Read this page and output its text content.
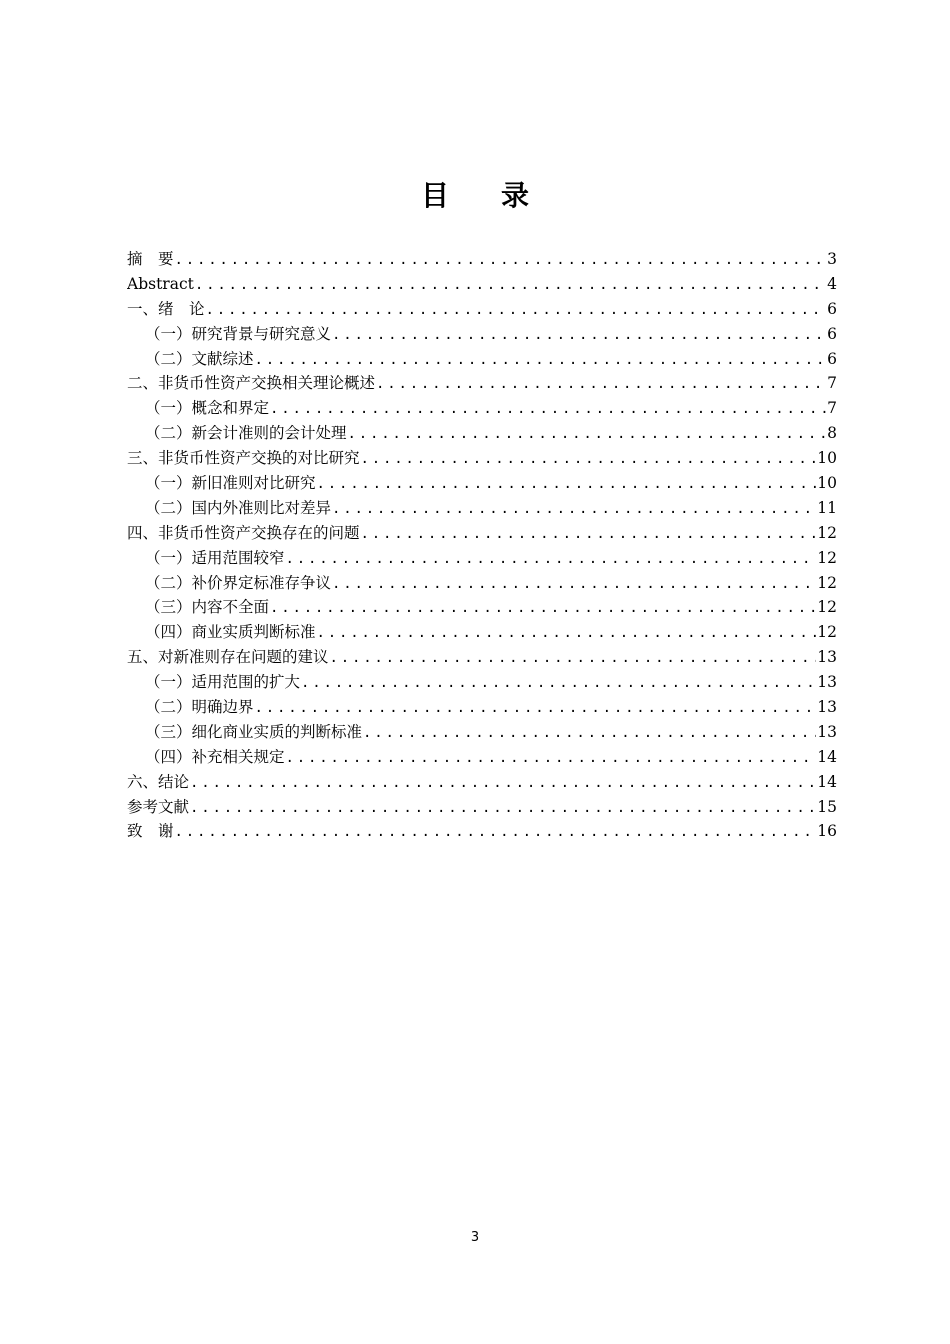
目录
摘　要 .....	3
Abstract .....	4
一、绪　论 .....	6
（一）研究背景与研究意义 .....	6
（二）文献综述 .....	6
二、非货币性资产交换相关理论概述 .....	7
（一）概念和界定 .....	7
（二）新会计准则的会计处理 .....	8
三、非货币性资产交换的对比研究 .....	10
（一）新旧准则对比研究 .....	10
（二）国内外准则比对差异 .....	11
四、非货币性资产交换存在的问题 .....	12
（一）适用范围较窄 .....	12
（二）补价界定标准存争议 .....	12
（三）内容不全面 .....	12
（四）商业实质判断标准 .....	12
五、对新准则存在问题的建议 .....	13
（一）适用范围的扩大 .....	13
（二）明确边界 .....	13
（三）细化商业实质的判断标准 .....	13
（四）补充相关规定 .....	14
六、结论 .....	14
参考文献 .....	15
致　谢 .....	16
3
